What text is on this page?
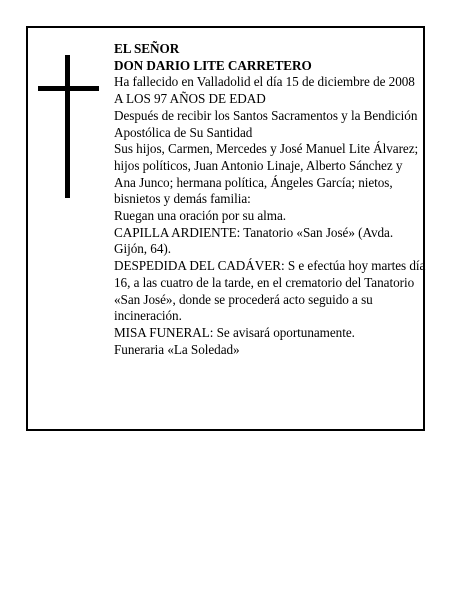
EL SEÑOR

DON DARIO LITE CARRETERO

Ha fallecido en Valladolid el día 15 de diciembre de 2008

A LOS 97 AÑOS DE EDAD

Después de recibir los Santos Sacramentos y la Bendición Apostólica de Su Santidad

Sus hijos, Carmen, Mercedes y José Manuel Lite Álvarez; hijos políticos, Juan Antonio Linaje, Alberto Sánchez y Ana Junco; hermana política, Ángeles García; nietos, bisnietos y demás familia:

Ruegan una oración por su alma.

CAPILLA ARDIENTE: Tanatorio «San José» (Avda. Gijón, 64).

DESPEDIDA DEL CADÁVER: S e efectúa hoy martes día 16, a las cuatro de la tarde, en el crematorio del Tanatorio «San José», donde se procederá acto seguido a su incineración.

MISA FUNERAL: Se avisará oportunamente.

Funeraria «La Soledad»
